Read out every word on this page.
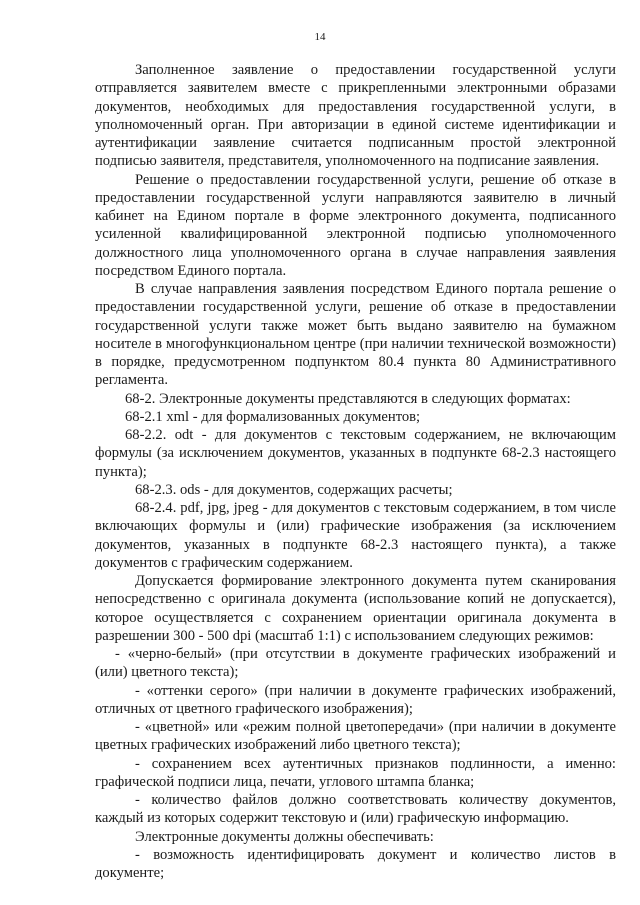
14

Заполненное заявление о предоставлении государственной услуги отправляется заявителем вместе с прикрепленными электронными образами документов, необходимых для предоставления государственной услуги, в уполномоченный орган. При авторизации в единой системе идентификации и аутентификации заявление считается подписанным простой электронной подписью заявителя, представителя, уполномоченного на подписание заявления.

Решение о предоставлении государственной услуги, решение об отказе в предоставлении государственной услуги направляются заявителю в личный кабинет на Едином портале в форме электронного документа, подписанного усиленной квалифицированной электронной подписью уполномоченного должностного лица уполномоченного органа в случае направления заявления посредством Единого портала.

В случае направления заявления посредством Единого портала решение о предоставлении государственной услуги, решение об отказе в предоставлении государственной услуги также может быть выдано заявителю на бумажном носителе в многофункциональном центре (при наличии технической возможности) в порядке, предусмотренном подпунктом 80.4 пункта 80 Административного регламента.

68-2. Электронные документы представляются в следующих форматах:

68-2.1 xml - для формализованных документов;

68-2.2. odt - для документов с текстовым содержанием, не включающим формулы (за исключением документов, указанных в подпункте 68-2.3 настоящего пункта);

68-2.3. ods - для документов, содержащих расчеты;

68-2.4. pdf, jpg, jpeg - для документов с текстовым содержанием, в том числе включающих формулы и (или) графические изображения (за исключением документов, указанных в подпункте 68-2.3 настоящего пункта), а также документов с графическим содержанием.

Допускается формирование электронного документа путем сканирования непосредственно с оригинала документа (использование копий не допускается), которое осуществляется с сохранением ориентации оригинала документа в разрешении 300 - 500 dpi (масштаб 1:1) с использованием следующих режимов:

- «черно-белый» (при отсутствии в документе графических изображений и (или) цветного текста);

- «оттенки серого» (при наличии в документе графических изображений, отличных от цветного графического изображения);

- «цветной» или «режим полной цветопередачи» (при наличии в документе цветных графических изображений либо цветного текста);

- сохранением всех аутентичных признаков подлинности, а именно: графической подписи лица, печати, углового штампа бланка;

- количество файлов должно соответствовать количеству документов, каждый из которых содержит текстовую и (или) графическую информацию.

Электронные документы должны обеспечивать:

- возможность идентифицировать документ и количество листов в документе;
